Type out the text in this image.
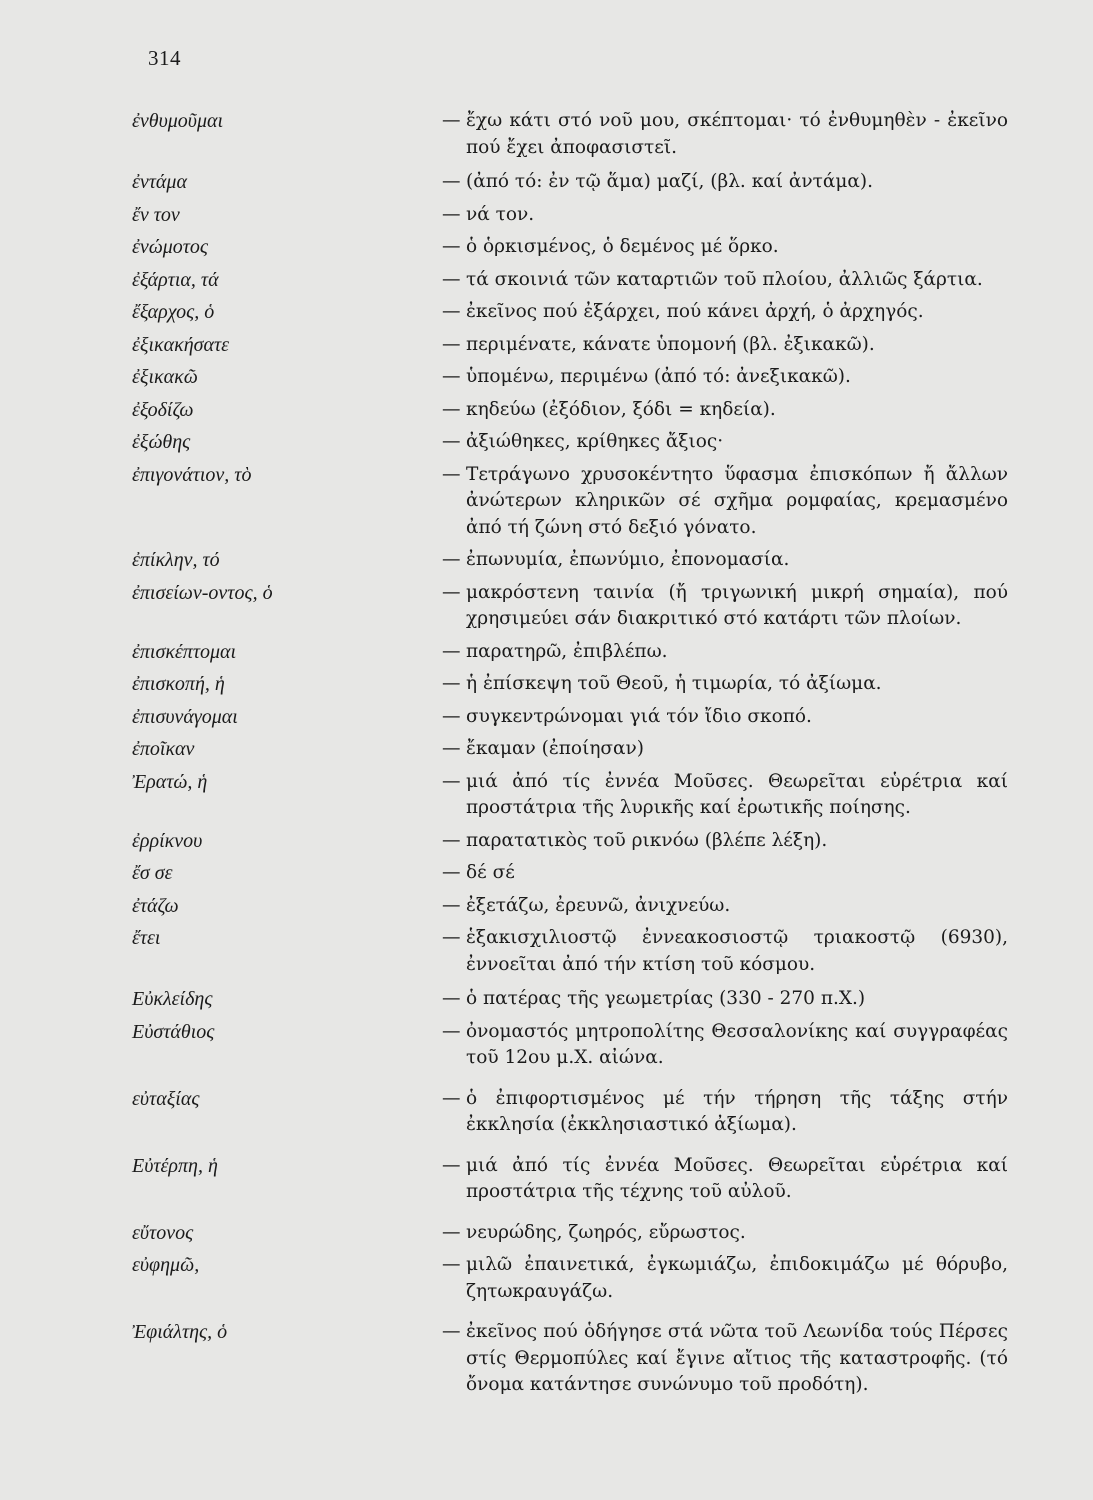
314
ἐνθυμοῦμαι	— ἔχω κάτι στό νοῦ μου, σκέπτομαι· τό ἐνθυμηθὲν - ἐκεῖνο πού ἔχει ἀποφασιστεῖ.
ἐντάμα	— (ἀπό τό: ἐν τῷ ἅμα) μαζί, (βλ. καί ἀντάμα).
ἔν τον	— νά τον.
ἐνώμοτος	— ὁ ὁρκισμένος, ὁ δεμένος μέ ὅρκο.
ἐξάρτια, τά	— τά σκοινιά τῶν καταρτιῶν τοῦ πλοίου, ἀλλιῶς ξάρτια.
ἔξαρχος, ὁ	— ἐκεῖνος πού ἐξάρχει, πού κάνει ἀρχή, ὁ ἀρχηγός.
ἐξικακήσατε	— περιμένατε, κάνατε ὑπομονή (βλ. ἐξικακῶ).
ἐξικακῶ	— ὑπομένω, περιμένω (ἀπό τό: ἀνεξικακῶ).
ἐξοδίζω	— κηδεύω (ἐξόδιον, ξόδι = κηδεία).
ἐξώθης	— ἀξιώθηκες, κρίθηκες ἄξιος·
ἐπιγονάτιον, τὸ	— Τετράγωνο χρυσοκέντητο ὕφασμα ἐπισκόπων ἤ ἄλλων ἀνώτερων κληρικῶν σέ σχῆμα ρομφαίας, κρεμασμένο ἀπό τή ζώνη στό δεξιό γόνατο.
ἐπίκλην, τό	— ἐπωνυμία, ἐπωνύμιο, ἐπονομασία.
ἐπισείων-οντος, ὁ	— μακρόστενη ταινία (ἤ τριγωνική μικρή σημαία), πού χρησιμεύει σάν διακριτικό στό κατάρτι τῶν πλοίων.
ἐπισκέπτομαι	— παρατηρῶ, ἐπιβλέπω.
ἐπισκοπή, ἡ	— ἡ ἐπίσκεψη τοῦ Θεοῦ, ἡ τιμωρία, τό ἀξίωμα.
ἐπισυνάγομαι	— συγκεντρώνομαι γιά τόν ἴδιο σκοπό.
ἐποῖκαν	— ἔκαμαν (ἐποίησαν)
Ἐρατώ, ἡ	— μιά ἀπό τίς ἐννέα Μοῦσες. Θεωρεῖται εὑρέτρια καί προστάτρια τῆς λυρικῆς καί ἐρωτικῆς ποίησης.
ἐρρίκνου	— παρατατικὸς τοῦ ρικνόω (βλέπε λέξη).
ἔσ σε	— δέ σέ
ἐτάζω	— ἐξετάζω, ἐρευνῶ, ἀνιχνεύω.
ἔτει	— ἑξακισχιλιοστῷ ἐννεακοσιοστῷ τριακοστῷ (6930), ἐννοεῖται ἀπό τήν κτίση τοῦ κόσμου.
Εὐκλείδης	— ὁ πατέρας τῆς γεωμετρίας (330 - 270 π.Χ.)
Εὐστάθιος	— ὀνομαστός μητροπολίτης Θεσσαλονίκης καί συγγραφέας τοῦ 12ου μ.Χ. αἰώνα.
εὐταξίας	— ὁ ἐπιφορτισμένος μέ τήν τήρηση τῆς τάξης στήν ἐκκλησία (ἐκκλησιαστικό ἀξίωμα).
Εὐτέρπη, ἡ	— μιά ἀπό τίς ἐννέα Μοῦσες. Θεωρεῖται εὑρέτρια καί προστάτρια τῆς τέχνης τοῦ αὐλοῦ.
εὔτονος	— νευρώδης, ζωηρός, εὔρωστος.
εὐφημῶ,	— μιλῶ ἐπαινετικά, ἐγκωμιάζω, ἐπιδοκιμάζω μέ θόρυβο, ζητωκραυγάζω.
Ἐφιάλτης, ὁ	— ἐκεῖνος πού ὁδήγησε στά νῶτα τοῦ Λεωνίδα τούς Πέρσες στίς Θερμοπύλες καί ἔγινε αἴτιος τῆς καταστροφῆς. (τό ὄνομα κατάντησε συνώνυμο τοῦ προδότη).
